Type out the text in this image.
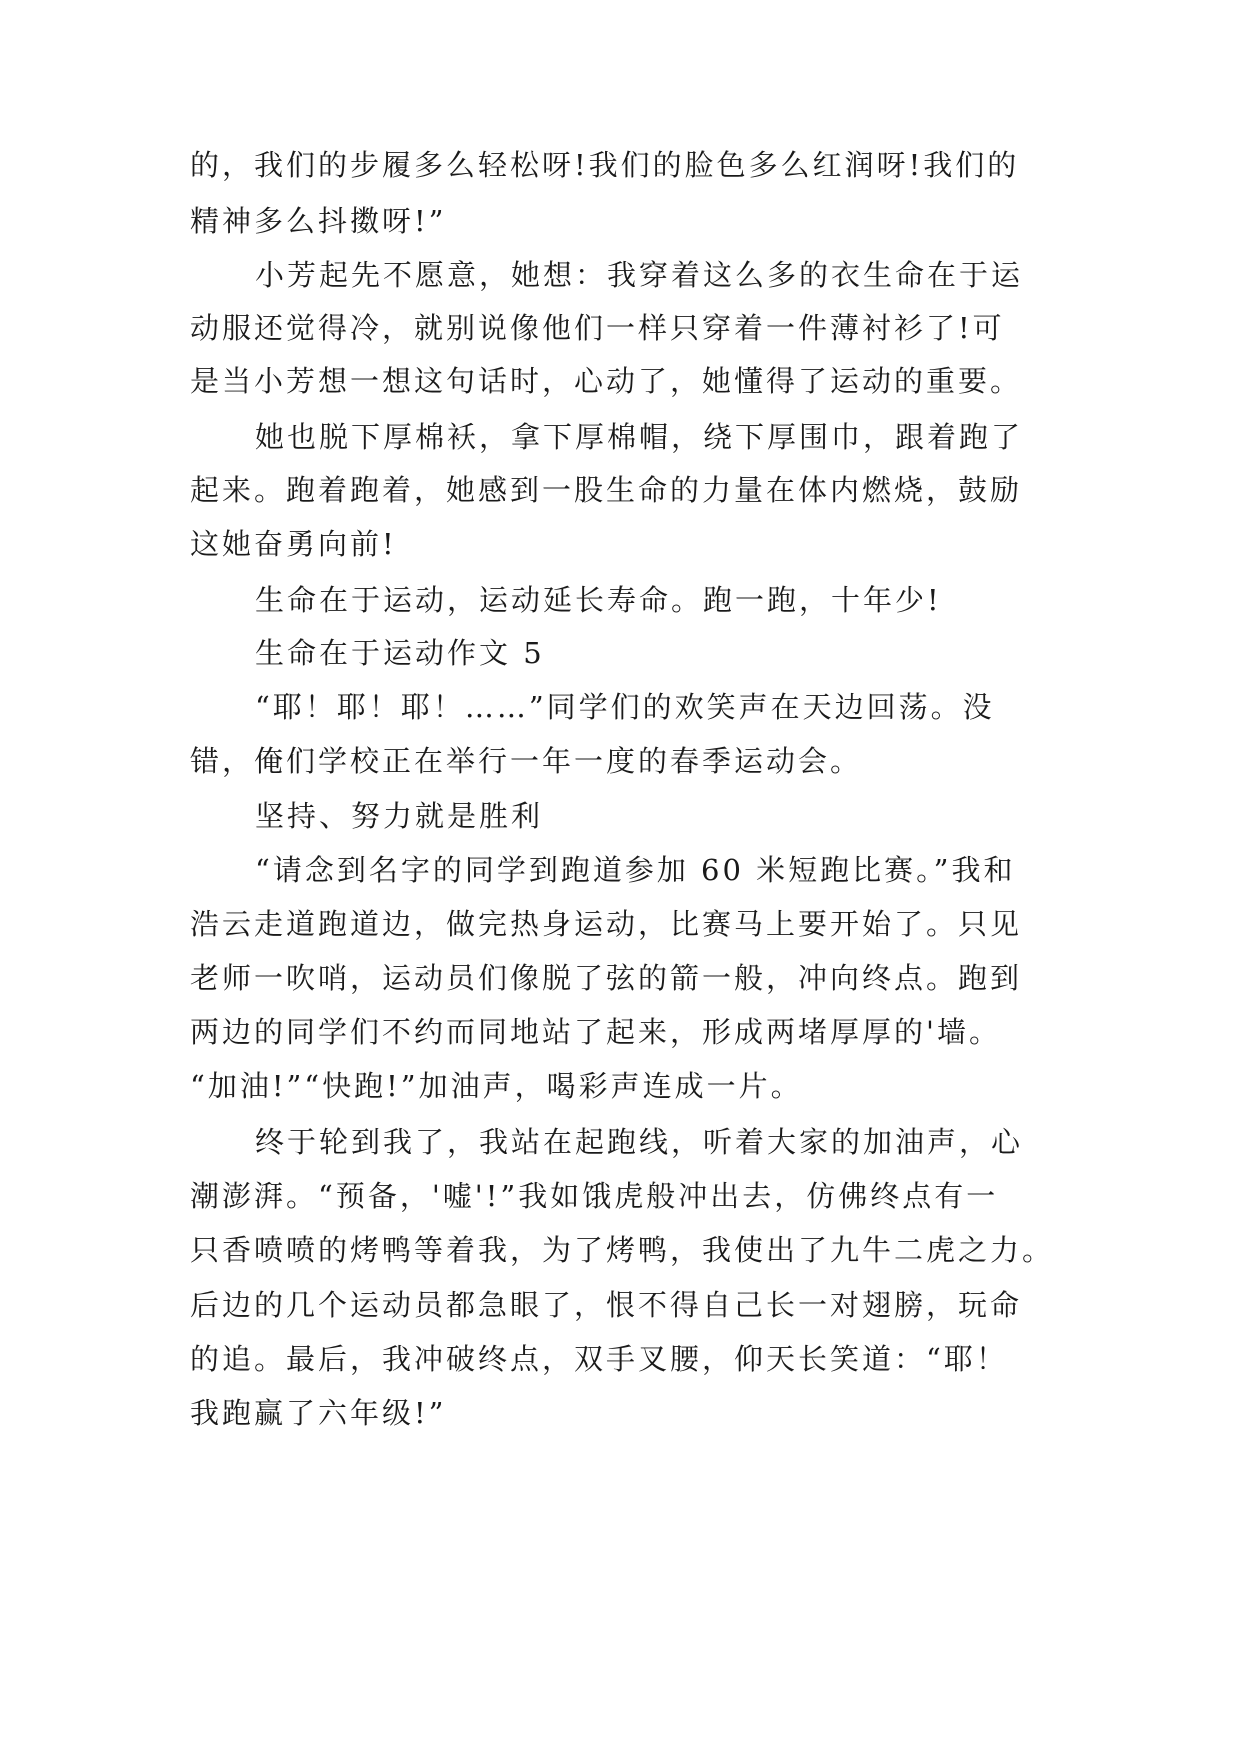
的，我们的步履多么轻松呀!我们的脸色多么红润呀!我们的
精神多么抖擞呀!”
小芳起先不愿意，她想：我穿着这么多的衣生命在于运
动服还觉得冷，就别说像他们一样只穿着一件薄衬衫了!可
是当小芳想一想这句话时，心动了，她懂得了运动的重要。
她也脱下厚棉袄，拿下厚棉帽，绕下厚围巾，跟着跑了
起来。跑着跑着，她感到一股生命的力量在体内燃烧，鼓励
这她奋勇向前!
生命在于运动，运动延长寿命。跑一跑，十年少!
生命在于运动作文 5
“耶！耶！耶！……”同学们的欢笑声在天边回荡。没
错，俺们学校正在举行一年一度的春季运动会。
坚持、努力就是胜利
“请念到名字的同学到跑道参加 60 米短跑比赛。”我和
浩云走道跑道边，做完热身运动，比赛马上要开始了。只见
老师一吹哨，运动员们像脱了弦的箭一般，冲向终点。跑到
两边的同学们不约而同地站了起来，形成两堵厚厚的'墙。
“加油!”“快跑!”加油声，喝彩声连成一片。
终于轮到我了，我站在起跑线，听着大家的加油声，心
潮澎湃。“预备，'嘘'!”我如饿虎般冲出去，仿佛终点有一
只香喷喷的烤鸭等着我，为了烤鸭，我使出了九牛二虎之力。
后边的几个运动员都急眼了，恨不得自己长一对翅膀，玩命
的追。最后，我冲破终点，双手叉腰，仰天长笑道：“耶！
我跑赢了六年级!”
